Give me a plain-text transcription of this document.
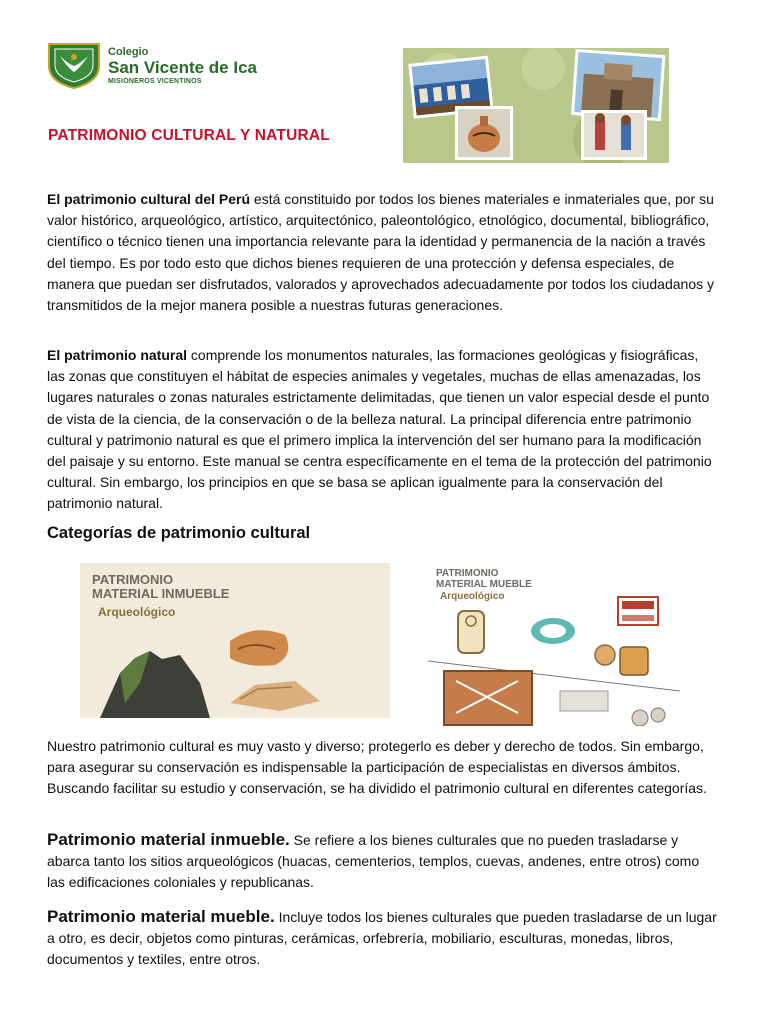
Colegio
San Vicente de Ica
MISIONEROS VICENTINOS
PATRIMONIO CULTURAL Y NATURAL

El patrimonio cultural del Perú está constituido por todos los bienes materiales e inmateriales que, por su valor histórico, arqueológico, artístico, arquitectónico, paleontológico, etnológico, documental, bibliográfico, científico o técnico tienen una importancia relevante para la identidad y permanencia de la nación a través del tiempo. Es por todo esto que dichos bienes requieren de una protección y defensa especiales, de manera que puedan ser disfrutados, valorados y aprovechados adecuadamente por todos los ciudadanos y transmitidos de la mejor manera posible a nuestras futuras generaciones.

El patrimonio natural comprende los monumentos naturales, las formaciones geológicas y fisiográficas, las zonas que constituyen el hábitat de especies animales y vegetales, muchas de ellas amenazadas, los lugares naturales o zonas naturales estrictamente delimitadas, que tienen un valor especial desde el punto de vista de la ciencia, de la conservación o de la belleza natural. La principal diferencia entre patrimonio cultural y patrimonio natural es que el primero implica la intervención del ser humano para la modificación del paisaje y su entorno. Este manual se centra específicamente en el tema de la protección del patrimonio cultural. Sin embargo, los principios en que se basa se aplican igualmente para la conservación del patrimonio natural.

Categorías de patrimonio cultural
PATRIMONIO
MATERIAL INMUEBLE
Arqueológico
PATRIMONIO
MATERIAL MUEBLE
Arqueológico

Nuestro patrimonio cultural es muy vasto y diverso; protegerlo es deber y derecho de todos. Sin embargo, para asegurar su conservación es indispensable la participación de especialistas en diversos ámbitos. Buscando facilitar su estudio y conservación, se ha dividido el patrimonio cultural en diferentes categorías.

Patrimonio material inmueble. Se refiere a los bienes culturales que no pueden trasladarse y abarca tanto los sitios arqueológicos (huacas, cementerios, templos, cuevas, andenes, entre otros) como las edificaciones coloniales y republicanas.

Patrimonio material mueble. Incluye todos los bienes culturales que pueden trasladarse de un lugar a otro, es decir, objetos como pinturas, cerámicas, orfebrería, mobiliario, esculturas, monedas, libros, documentos y textiles, entre otros.
